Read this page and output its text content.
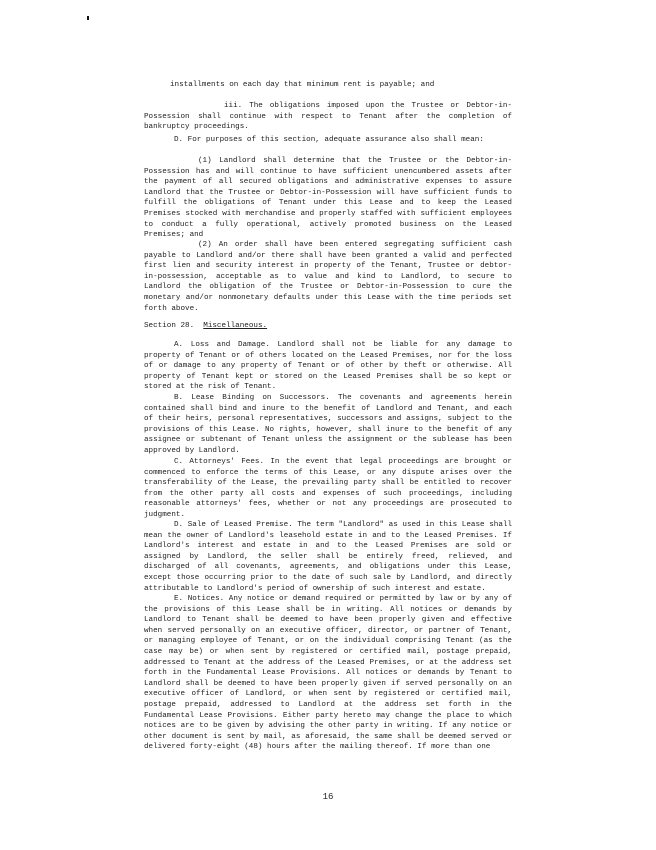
installments on each day that minimum rent is payable; and

iii. The obligations imposed upon the Trustee or Debtor-in-Possession shall continue with respect to Tenant after the completion of bankruptcy proceedings.

D. For purposes of this section, adequate assurance also shall mean:

(1) Landlord shall determine that the Trustee or the Debtor-in-Possession has and will continue to have sufficient unencumbered assets after the payment of all secured obligations and administrative expenses to assure Landlord that the Trustee or Debtor-in-Possession will have sufficient funds to fulfill the obligations of Tenant under this Lease and to keep the Leased Premises stocked with merchandise and properly staffed with sufficient employees to conduct a fully operational, actively promoted business on the Leased Premises; and

(2) An order shall have been entered segregating sufficient cash payable to Landlord and/or there shall have been granted a valid and perfected first lien and security interest in property of the Tenant, Trustee or debtor-in-possession, acceptable as to value and kind to Landlord, to secure to Landlord the obligation of the Trustee or Debtor-in-Possession to cure the monetary and/or nonmonetary defaults under this Lease with the time periods set forth above.

Section 28. Miscellaneous.

A. Loss and Damage. Landlord shall not be liable for any damage to property of Tenant or of others located on the Leased Premises, nor for the loss of or damage to any property of Tenant or of other by theft or otherwise. All property of Tenant kept or stored on the Leased Premises shall be so kept or stored at the risk of Tenant.

B. Lease Binding on Successors. The covenants and agreements herein contained shall bind and inure to the benefit of Landlord and Tenant, and each of their heirs, personal representatives, successors and assigns, subject to the provisions of this Lease. No rights, however, shall inure to the benefit of any assignee or subtenant of Tenant unless the assignment or the sublease has been approved by Landlord.

C. Attorneys' Fees. In the event that legal proceedings are brought or commenced to enforce the terms of this Lease, or any dispute arises over the transferability of the Lease, the prevailing party shall be entitled to recover from the other party all costs and expenses of such proceedings, including reasonable attorneys' fees, whether or not any proceedings are prosecuted to judgment.

D. Sale of Leased Premise. The term "Landlord" as used in this Lease shall mean the owner of Landlord's leasehold estate in and to the Leased Premises. If Landlord's interest and estate in and to the Leased Premises are sold or assigned by Landlord, the seller shall be entirely freed, relieved, and discharged of all covenants, agreements, and obligations under this Lease, except those occurring prior to the date of such sale by Landlord, and directly attributable to Landlord's period of ownership of such interest and estate.

E. Notices. Any notice or demand required or permitted by law or by any of the provisions of this Lease shall be in writing. All notices or demands by Landlord to Tenant shall be deemed to have been properly given and effective when served personally on an executive officer, director, or partner of Tenant, or managing employee of Tenant, or on the individual comprising Tenant (as the case may be) or when sent by registered or certified mail, postage prepaid, addressed to Tenant at the address of the Leased Premises, or at the address set forth in the Fundamental Lease Provisions. All notices or demands by Tenant to Landlord shall be deemed to have been properly given if served personally on an executive officer of Landlord, or when sent by registered or certified mail, postage prepaid, addressed to Landlord at the address set forth in the Fundamental Lease Provisions. Either party hereto may change the place to which notices are to be given by advising the other party in writing. If any notice or other document is sent by mail, as aforesaid, the same shall be deemed served or delivered forty-eight (48) hours after the mailing thereof. If more than one

16
